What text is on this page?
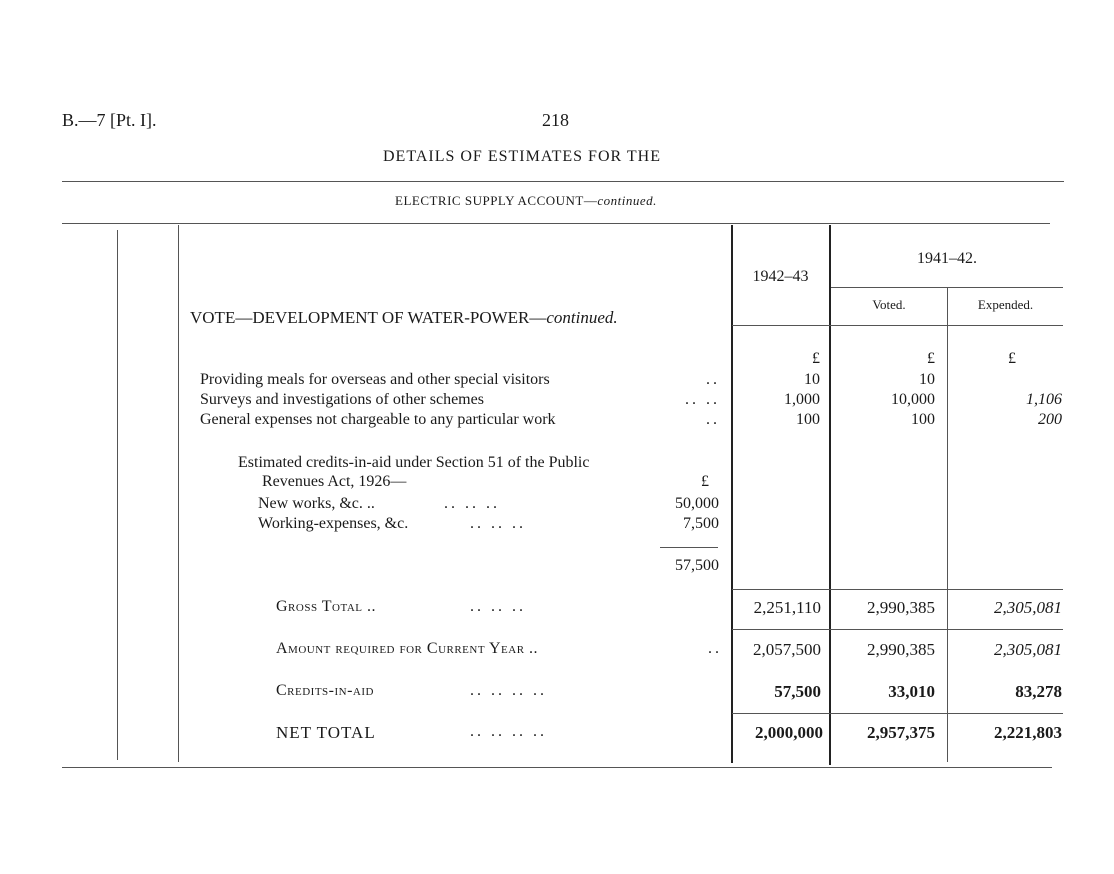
B.—7 [Pt. I].	218
DETAILS OF ESTIMATES FOR THE
ELECTRIC SUPPLY ACCOUNT—continued.
1942–43
1941–42.
Voted.	Expended.
VOTE—DEVELOPMENT OF WATER-POWER—continued.
£	£	£
Providing meals for overseas and other special visitors	..	10	10
Surveys and investigations of other schemes	.. ..	1,000	10,000	1,106
General expenses not chargeable to any particular work	..	100	100	200
Estimated credits-in-aid under Section 51 of the Public
Revenues Act, 1926—	£
New works, &c. ..	.. .. ..	50,000
Working-expenses, &c.	.. .. ..	7,500
57,500
Gross Total ..	.. .. ..	2,251,110	2,990,385	2,305,081
Amount required for Current Year ..	..	2,057,500	2,990,385	2,305,081
Credits-in-aid	.. .. .. ..	57,500	33,010	83,278
NET TOTAL	.. .. .. ..	2,000,000	2,957,375	2,221,803
